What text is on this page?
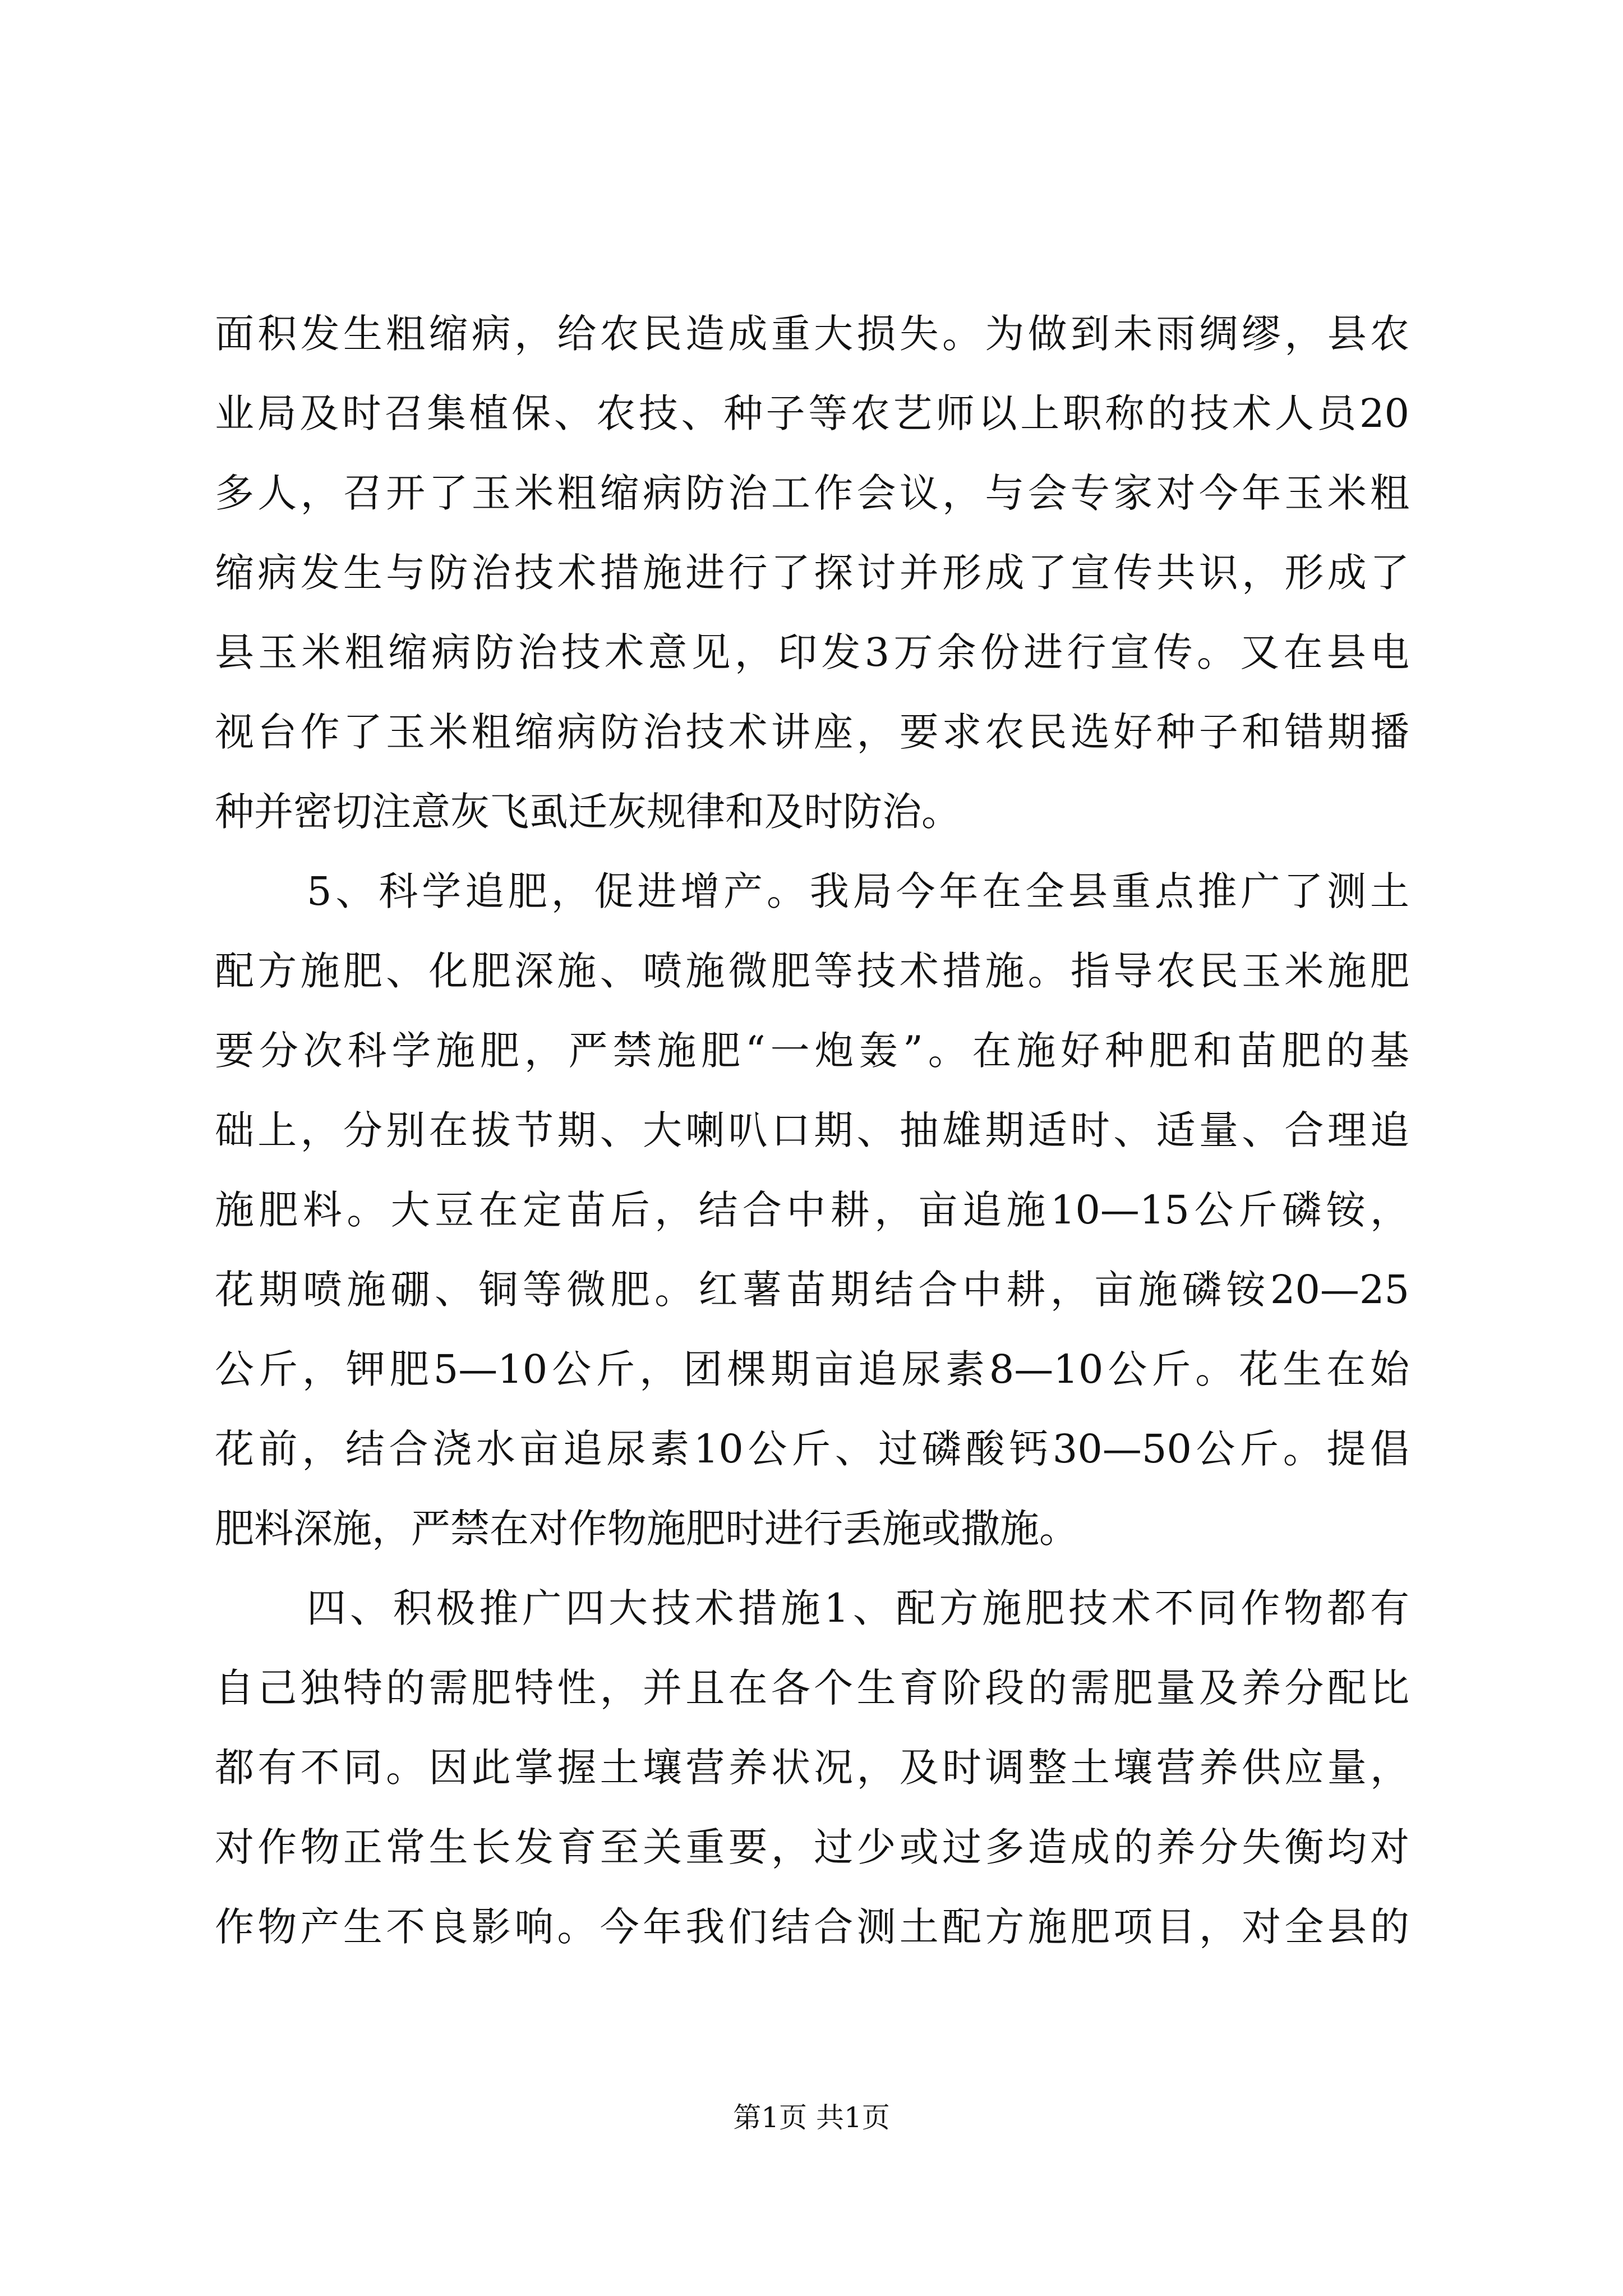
面积发生粗缩病，给农民造成重大损失。为做到未雨绸缪，县农
业局及时召集植保、农技、种子等农艺师以上职称的技术人员20
多人，召开了玉米粗缩病防治工作会议，与会专家对今年玉米粗
缩病发生与防治技术措施进行了探讨并形成了宣传共识，形成了
县玉米粗缩病防治技术意见，印发3万余份进行宣传。又在县电
视台作了玉米粗缩病防治技术讲座，要求农民选好种子和错期播
种并密切注意灰飞虱迁灰规律和及时防治。
5、科学追肥，促进增产。我局今年在全县重点推广了测土
配方施肥、化肥深施、喷施微肥等技术措施。指导农民玉米施肥
要分次科学施肥，严禁施肥“一炮轰”。在施好种肥和苗肥的基
础上，分别在拔节期、大喇叭口期、抽雄期适时、适量、合理追
施肥料。大豆在定苗后，结合中耕，亩追施10—15公斤磷铵，
花期喷施硼、铜等微肥。红薯苗期结合中耕，亩施磷铵20—25
公斤，钾肥5—10公斤，团棵期亩追尿素8—10公斤。花生在始
花前，结合浇水亩追尿素10公斤、过磷酸钙30—50公斤。提倡
肥料深施，严禁在对作物施肥时进行丢施或撒施。
四、积极推广四大技术措施1、配方施肥技术不同作物都有
自己独特的需肥特性，并且在各个生育阶段的需肥量及养分配比
都有不同。因此掌握土壤营养状况，及时调整土壤营养供应量，
对作物正常生长发育至关重要，过少或过多造成的养分失衡均对
作物产生不良影响。今年我们结合测土配方施肥项目，对全县的
第1页 共1页
